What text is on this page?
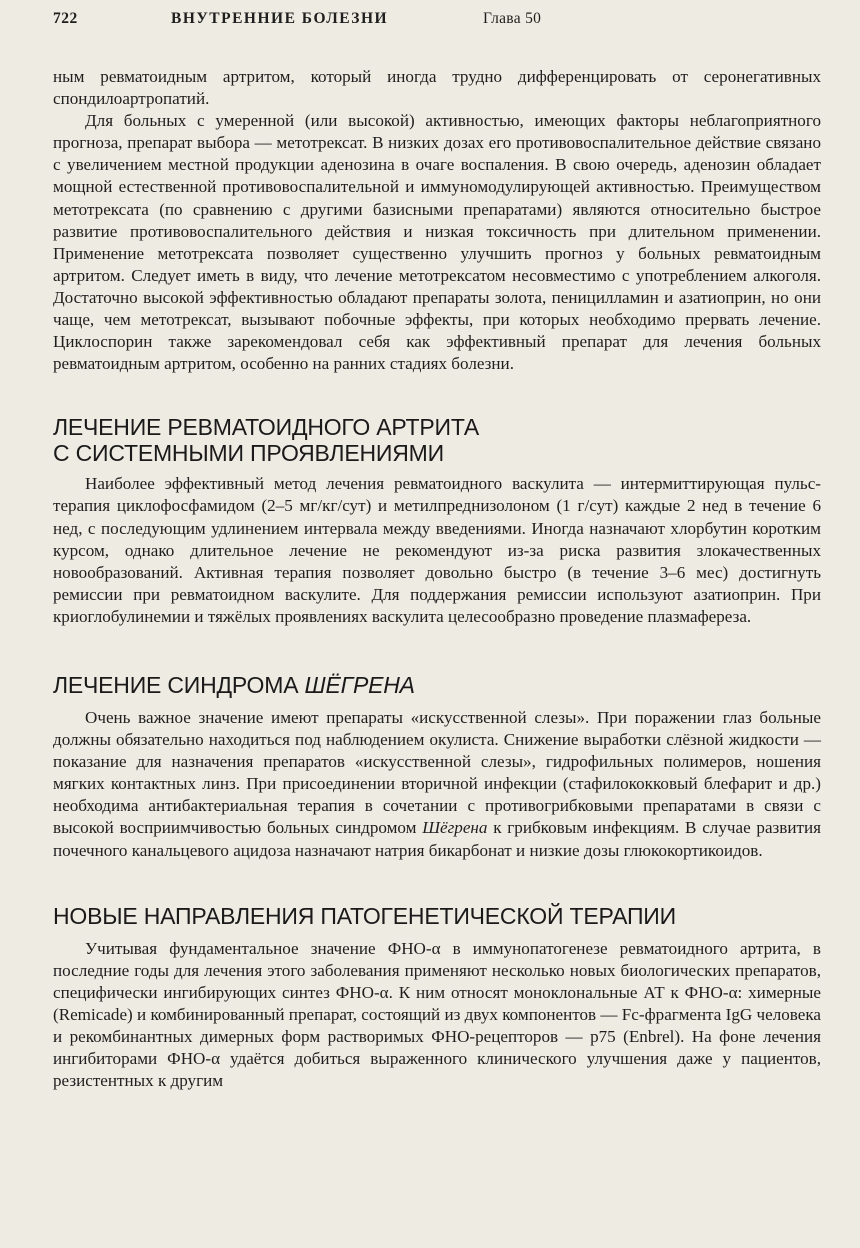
722	ВНУТРЕННИЕ БОЛЕЗНИ	Глава 50

ным ревматоидным артритом, который иногда трудно дифференцировать от серонегативных спондилоартропатий.

Для больных с умеренной (или высокой) активностью, имеющих факторы неблагоприятного прогноза, препарат выбора — метотрексат. В низких дозах его противовоспалительное действие связано с увеличением местной продукции аденозина в очаге воспаления. В свою очередь, аденозин обладает мощной естественной противовоспалительной и иммуномодулирующей активностью. Преимуществом метотрексата (по сравнению с другими базисными препаратами) являются относительно быстрое развитие противовоспалительного действия и низкая токсичность при длительном применении. Применение метотрексата позволяет существенно улучшить прогноз у больных ревматоидным артритом. Следует иметь в виду, что лечение метотрексатом несовместимо с употреблением алкоголя. Достаточно высокой эффективностью обладают препараты золота, пеницилламин и азатиоприн, но они чаще, чем метотрексат, вызывают побочные эффекты, при которых необходимо прервать лечение. Циклоспорин также зарекомендовал себя как эффективный препарат для лечения больных ревматоидным артритом, особенно на ранних стадиях болезни.

ЛЕЧЕНИЕ РЕВМАТОИДНОГО АРТРИТА
С СИСТЕМНЫМИ ПРОЯВЛЕНИЯМИ

Наиболее эффективный метод лечения ревматоидного васкулита — интермиттирующая пульс-терапия циклофосфамидом (2–5 мг/кг/сут) и метилпреднизолоном (1 г/сут) каждые 2 нед в течение 6 нед, с последующим удлинением интервала между введениями. Иногда назначают хлорбутин коротким курсом, однако длительное лечение не рекомендуют из-за риска развития злокачественных новообразований. Активная терапия позволяет довольно быстро (в течение 3–6 мес) достигнуть ремиссии при ревматоидном васкулите. Для поддержания ремиссии используют азатиоприн. При криоглобулинемии и тяжёлых проявлениях васкулита целесообразно проведение плазмафереза.

ЛЕЧЕНИЕ СИНДРОМА ШЁГРЕНА

Очень важное значение имеют препараты «искусственной слезы». При поражении глаз больные должны обязательно находиться под наблюдением окулиста. Снижение выработки слёзной жидкости — показание для назначения препаратов «искусственной слезы», гидрофильных полимеров, ношения мягких контактных линз. При присоединении вторичной инфекции (стафилококковый блефарит и др.) необходима антибактериальная терапия в сочетании с противогрибковыми препаратами в связи с высокой восприимчивостью больных синдромом Шёгрена к грибковым инфекциям. В случае развития почечного канальцевого ацидоза назначают натрия бикарбонат и низкие дозы глюкокортикоидов.

НОВЫЕ НАПРАВЛЕНИЯ ПАТОГЕНЕТИЧЕСКОЙ ТЕРАПИИ

Учитывая фундаментальное значение ФНО-α в иммунопатогенезе ревматоидного артрита, в последние годы для лечения этого заболевания применяют несколько новых биологических препаратов, специфически ингибирующих синтез ФНО-α. К ним относят моноклональные АТ к ФНО-α: химерные (Remicade) и комбинированный препарат, состоящий из двух компонентов — Fc-фрагмента IgG человека и рекомбинантных димерных форм растворимых ФНО-рецепторов — p75 (Enbrel). На фоне лечения ингибиторами ФНО-α удаётся добиться выраженного клинического улучшения даже у пациентов, резистентных к другим
